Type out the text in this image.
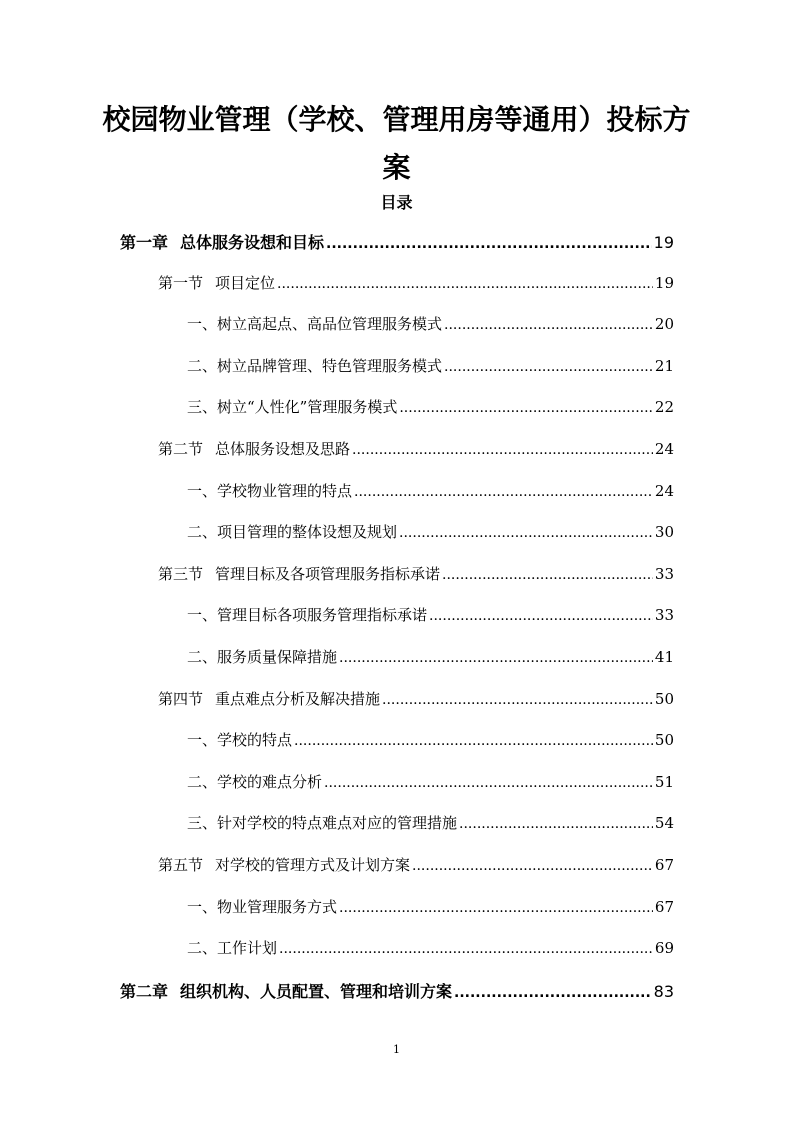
校园物业管理（学校、管理用房等通用）投标方案
目录
第一章 总体服务设想和目标 .....	19
第一节 项目定位 .....	19
一、树立高起点、高品位管理服务模式 .....	20
二、树立品牌管理、特色管理服务模式 .....	21
三、树立“人性化”管理服务模式 .....	22
第二节 总体服务设想及思路 .....	24
一、学校物业管理的特点 .....	24
二、项目管理的整体设想及规划 .....	30
第三节 管理目标及各项管理服务指标承诺 .....	33
一、管理目标各项服务管理指标承诺 .....	33
二、服务质量保障措施 .....	41
第四节 重点难点分析及解决措施 .....	50
一、学校的特点 .....	50
二、学校的难点分析 .....	51
三、针对学校的特点难点对应的管理措施 .....	54
第五节 对学校的管理方式及计划方案 .....	67
一、物业管理服务方式 .....	67
二、工作计划 .....	69
第二章 组织机构、人员配置、管理和培训方案 .....	83
1
